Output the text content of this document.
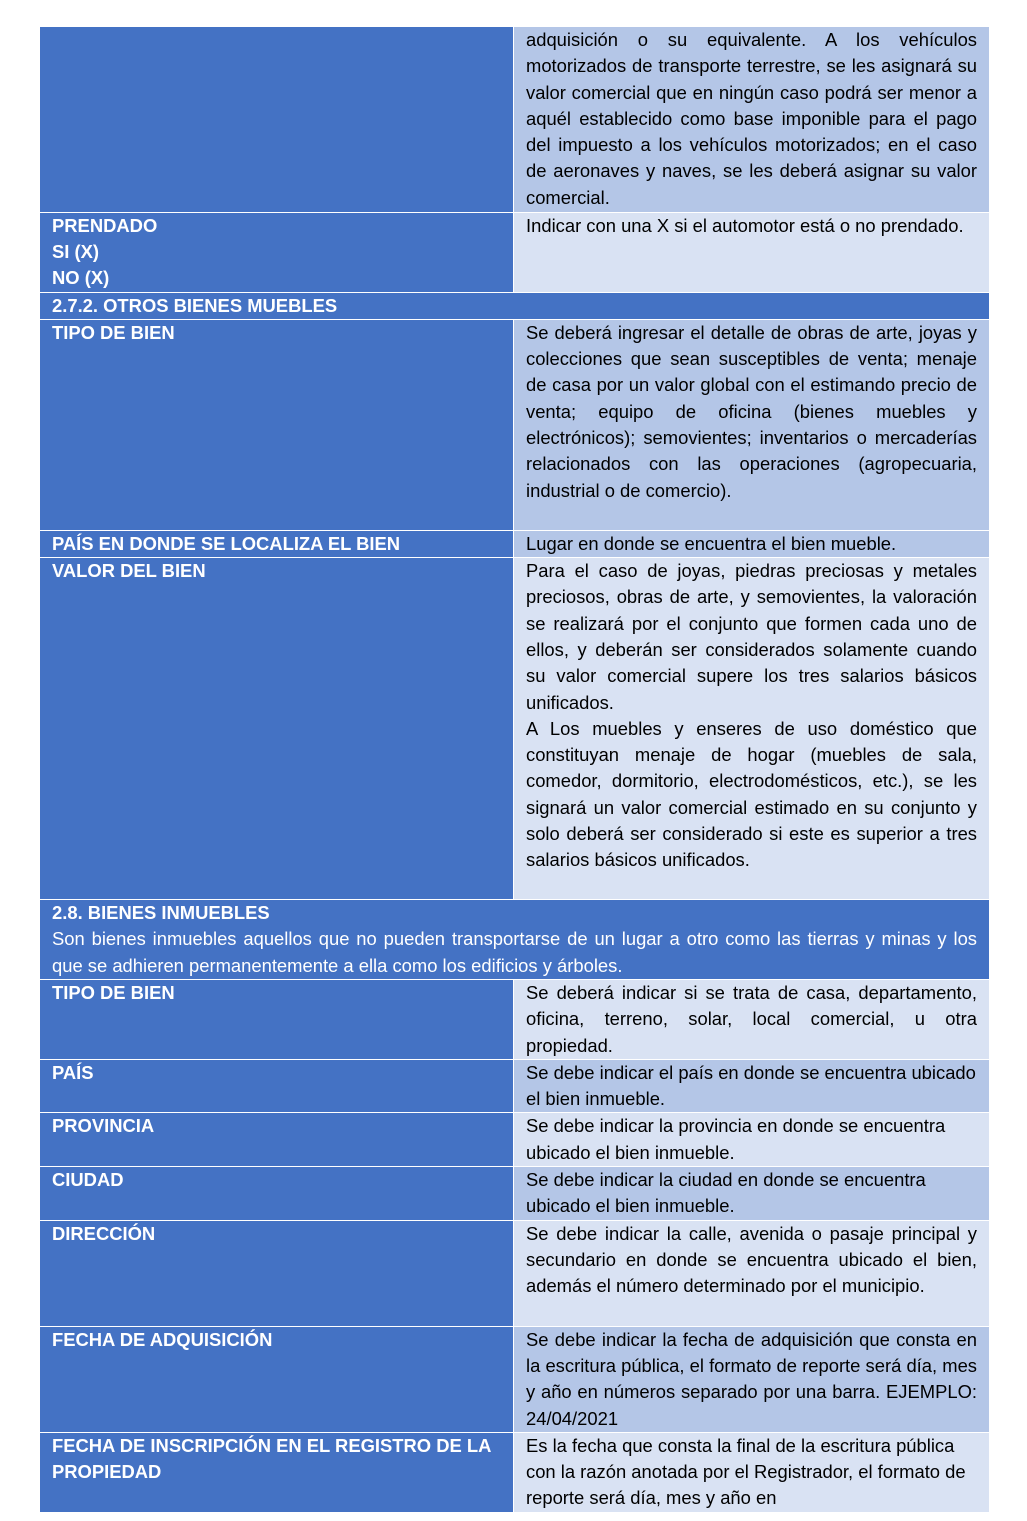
	adquisición o su equivalente. A los vehículos motorizados de transporte terrestre, se les asignará su valor comercial que en ningún caso podrá ser menor a aquél establecido como base imponible para el pago del impuesto a los vehículos motorizados; en el caso de aeronaves y naves, se les deberá asignar su valor comercial.

PRENDADO
SI (X)
NO (X)	Indicar con una X si el automotor está o no prendado.
2.7.2. OTROS BIENES MUEBLES	
TIPO DE BIEN	Se deberá ingresar el detalle de obras de arte, joyas y colecciones que sean susceptibles de venta; menaje de casa por un valor global con el estimando precio de venta; equipo de oficina (bienes muebles y electrónicos); semovientes; inventarios o mercaderías relacionados con las operaciones (agropecuaria, industrial o de comercio).
PAÍS EN DONDE SE LOCALIZA EL BIEN	Lugar en donde se encuentra el bien mueble.
VALOR DEL BIEN	Para el caso de joyas, piedras preciosas y metales preciosos, obras de arte, y semovientes, la valoración se realizará por el conjunto que formen cada uno de ellos, y deberán ser considerados solamente cuando su valor comercial supere los tres salarios básicos unificados.
A Los muebles y enseres de uso doméstico que constituyan menaje de hogar (muebles de sala, comedor, dormitorio, electrodomésticos, etc.), se les signará un valor comercial estimado en su conjunto y solo deberá ser considerado si este es superior a tres salarios básicos unificados.

2.8. BIENES INMUEBLES
Son bienes inmuebles aquellos que no pueden transportarse de un lugar a otro como las tierras y minas y los que se adhieren permanentemente a ella como los edificios y árboles.	

TIPO DE BIEN	Se deberá indicar si se trata de casa, departamento, oficina, terreno, solar, local comercial, u otra propiedad.
PAÍS	Se debe indicar el país en donde se encuentra ubicado el bien inmueble.
PROVINCIA	Se debe indicar la provincia en donde se encuentra ubicado el bien inmueble.
CIUDAD	Se debe indicar la ciudad en donde se encuentra ubicado el bien inmueble.
DIRECCIÓN	Se debe indicar la calle, avenida o pasaje principal y secundario en donde se encuentra ubicado el bien, además el número determinado por el municipio.
FECHA DE ADQUISICIÓN	Se debe indicar la fecha de adquisición que consta en la escritura pública, el formato de reporte será día, mes y año en números separado por una barra. EJEMPLO: 24/04/2021
FECHA DE INSCRIPCIÓN EN EL REGISTRO DE LA PROPIEDAD	Es la fecha que consta la final de la escritura pública con la razón anotada por el Registrador, el formato de reporte será día, mes y año en
